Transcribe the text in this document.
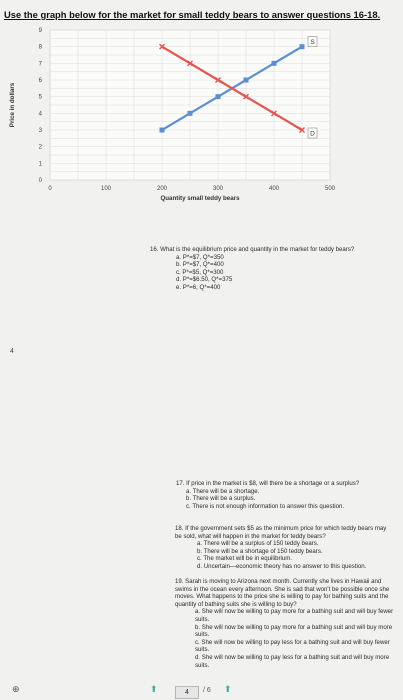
Use the graph below for the market for small teddy bears to answer questions 16-18.
0	100	200	300	400	500
0
1
2
3
4
5
6
7
8
9
S
D
Quantity small teddy bears
Price in dollars
16. What is the equilibrium price and quantity in the market for teddy bears?
a. P*=$7, Q*=350
b. P*=$7, Q*=400
c. P*=$5, Q*=300
d. P*=$6.50, Q*=375
e. P*=6, Q*=400
4
17. If price in the market is $8, will there be a shortage or a surplus?
a. There will be a shortage.
b. There will be a surplus.
c. There is not enough information to answer this question.
18. If the government sets $5 as the minimum price for which teddy bears may be sold, what will happen in the market for teddy bears?
a. There will be a surplus of 150 teddy bears.
b. There will be a shortage of 150 teddy bears.
c. The market will be in equilibrium.
d. Uncertain—economic theory has no answer to this question.
19. Sarah is moving to Arizona next month. Currently she lives in Hawaii and swims in the ocean every afternoon. She is sad that won't be possible once she moves. What happens to the price she is willing to pay for bathing suits and the quantity of bathing suits she is willing to buy?
a. She will now be willing to pay more for a bathing suit and will buy fewer suits.
b. She will now be willing to pay more for a bathing suit and will buy more suits.
c. She will now be willing to pay less for a bathing suit and will buy fewer suits.
d. She will now be willing to pay less for a bathing suit and will buy more suits.
⊕	⬆	4	/ 6 ⬆
